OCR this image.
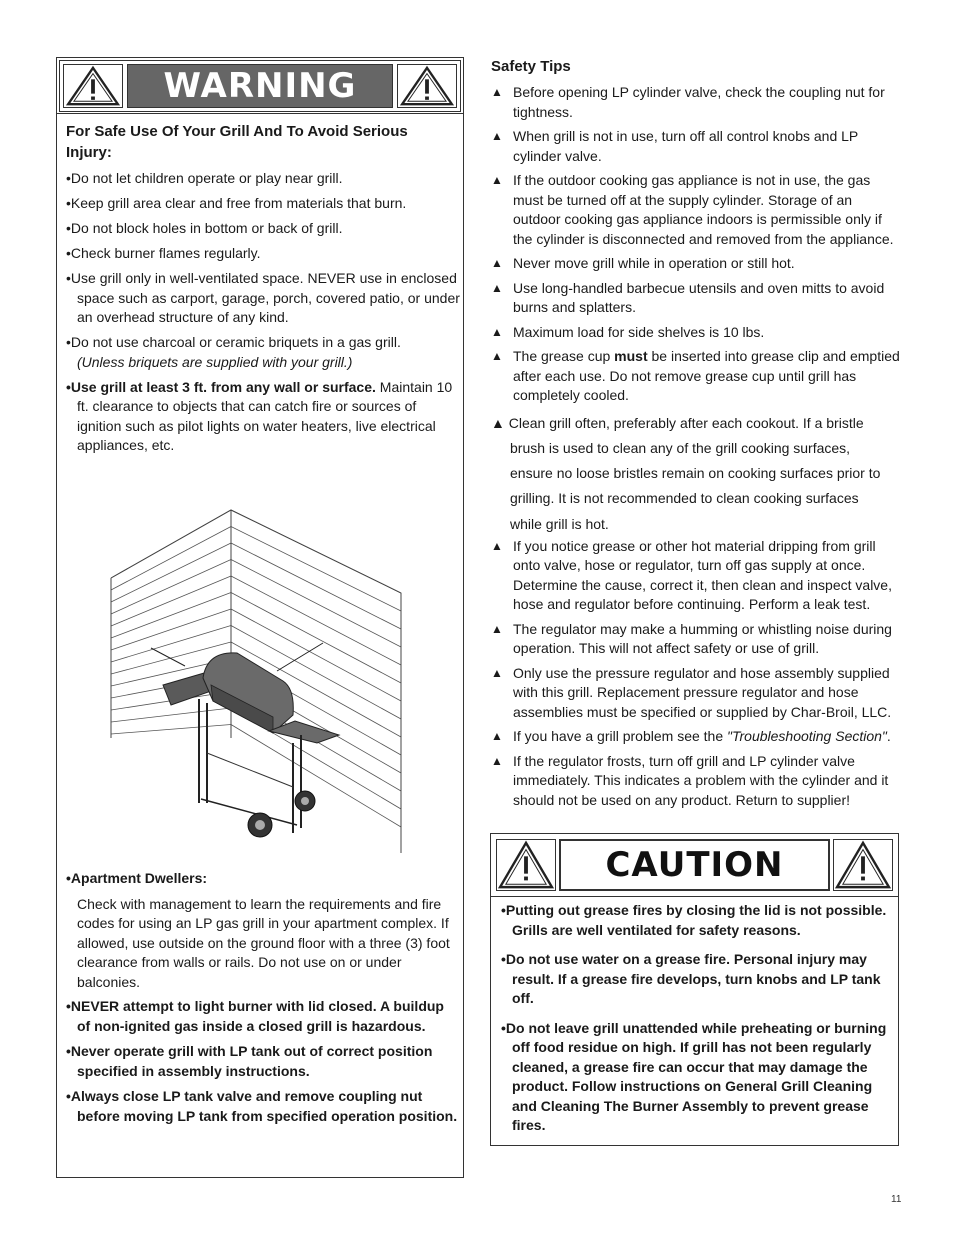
WARNING
For Safe Use Of Your Grill And To Avoid Serious Injury:
•Do not let children operate or play near grill.
•Keep grill area clear and free from materials that burn.
•Do not block holes in bottom or back of grill.
•Check burner flames regularly.
•Use grill only in well-ventilated space. NEVER use in enclosed space such as carport, garage, porch, covered patio, or under an overhead structure of any kind.
•Do not use charcoal or ceramic briquets in a gas grill.
(Unless briquets are supplied with your grill.)
•Use grill at least 3 ft. from any wall or surface. Maintain 10 ft. clearance to objects that can catch fire or sources of ignition such as pilot lights on water heaters, live electrical appliances, etc.
•Apartment Dwellers:
Check with management to learn the requirements and fire codes for using an LP gas grill in your apartment complex. If allowed, use outside on the ground floor with a three (3) foot clearance from walls or rails. Do not use on or under balconies.
•NEVER attempt to light burner with lid closed. A buildup of non-ignited gas inside a closed grill is hazardous.
•Never operate grill with LP tank out of correct position specified in assembly instructions.
•Always close LP tank valve and remove coupling nut before moving LP tank from specified operation position.
Safety Tips
▲ Before opening LP cylinder valve, check the coupling nut for tightness.
▲ When grill is not in use, turn off all control knobs and LP cylinder valve.
▲ If the outdoor cooking gas appliance is not in use, the gas must be turned off at the supply cylinder. Storage of an outdoor cooking gas appliance indoors is permissible only if the cylinder is disconnected and removed from the appliance.
▲ Never move grill while in operation or still hot.
▲ Use long-handled barbecue utensils and oven mitts to avoid burns and splatters.
▲ Maximum load for side shelves is 10 lbs.
▲ The grease cup must be inserted into grease clip and emptied after each use. Do not remove grease cup until grill has completely cooled.
▲ Clean grill often, preferably after each cookout. If a bristle
brush is used to clean any of the grill cooking surfaces,
ensure no loose bristles remain on cooking surfaces prior to
grilling. It is not recommended to clean cooking surfaces
while grill is hot.
▲ If you notice grease or other hot material dripping from grill onto valve, hose or regulator, turn off gas supply at once. Determine the cause, correct it, then clean and inspect valve, hose and regulator before continuing. Perform a leak test.
▲ The regulator may make a humming or whistling noise during operation. This will not affect safety or use of grill.
▲ Only use the pressure regulator and hose assembly supplied with this grill. Replacement pressure regulator and hose assemblies must be specified or supplied by Char-Broil, LLC.
▲ If you have a grill problem see the "Troubleshooting Section".
▲ If the regulator frosts, turn off grill and LP cylinder valve immediately. This indicates a problem with the cylinder and it should not be used on any product. Return to supplier!
CAUTION
•Putting out grease fires by closing the lid is not possible. Grills are well ventilated for safety reasons.
•Do not use water on a grease fire. Personal injury may result. If a grease fire develops, turn knobs and LP tank off.
•Do not leave grill unattended while preheating or burning off food residue on high. If grill has not been regularly cleaned, a grease fire can occur that may damage the product. Follow instructions on General Grill Cleaning and Cleaning The Burner Assembly to prevent grease fires.
11
